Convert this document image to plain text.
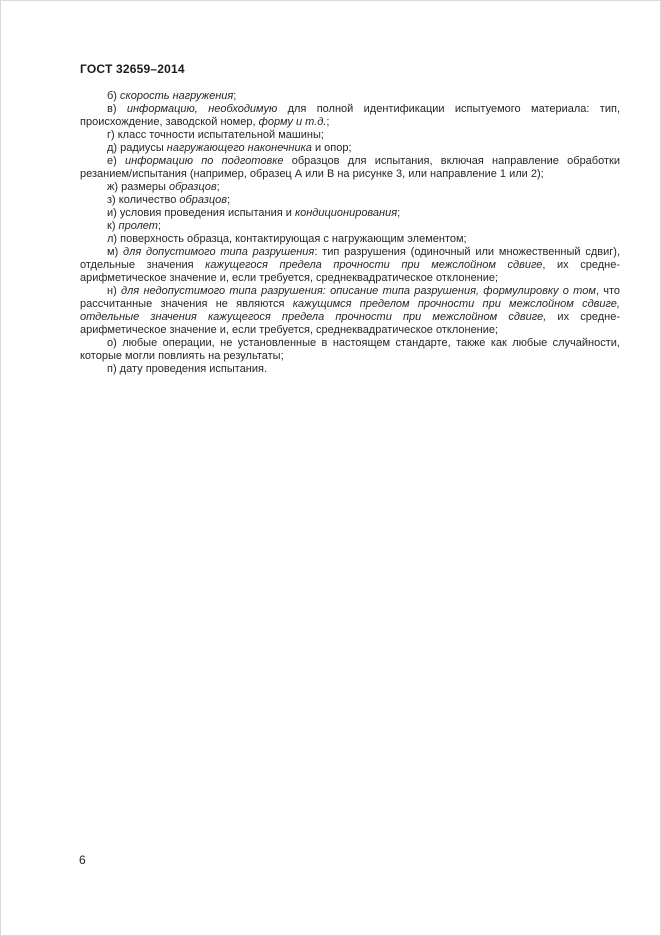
ГОСТ 32659–2014

б) скорость нагружения;

в) информацию, необходимую для полной идентификации испытуемого материала: тип, происхождение, заводской номер, форму и т.д.;

г) класс точности испытательной машины;

д) радиусы нагружающего наконечника и опор;

е) информацию по подготовке образцов для испытания, включая направление обработки резанием/испытания (например, образец А или В на рисунке 3, или направление 1 или 2);

ж) размеры образцов;

з) количество образцов;

и) условия проведения испытания и кондиционирования;

к) пролет;

л) поверхность образца, контактирующая с нагружающим элементом;

м) для допустимого типа разрушения: тип разрушения (одиночный или множественный сдвиг), отдельные значения кажущегося предела прочности при межслойном сдвиге, их средне-арифметическое значение и, если требуется, среднеквадратическое отклонение;

н) для недопустимого типа разрушения: описание типа разрушения, формулировку о том, что рассчитанные значения не являются кажущимся пределом прочности при межслойном сдвиге, отдельные значения кажущегося предела прочности при межслойном сдвиге, их средне-арифметическое значение и, если требуется, среднеквадратическое отклонение;

о) любые операции, не установленные в настоящем стандарте, также как любые случайности, которые могли повлиять на результаты;

п) дату проведения испытания.

6
